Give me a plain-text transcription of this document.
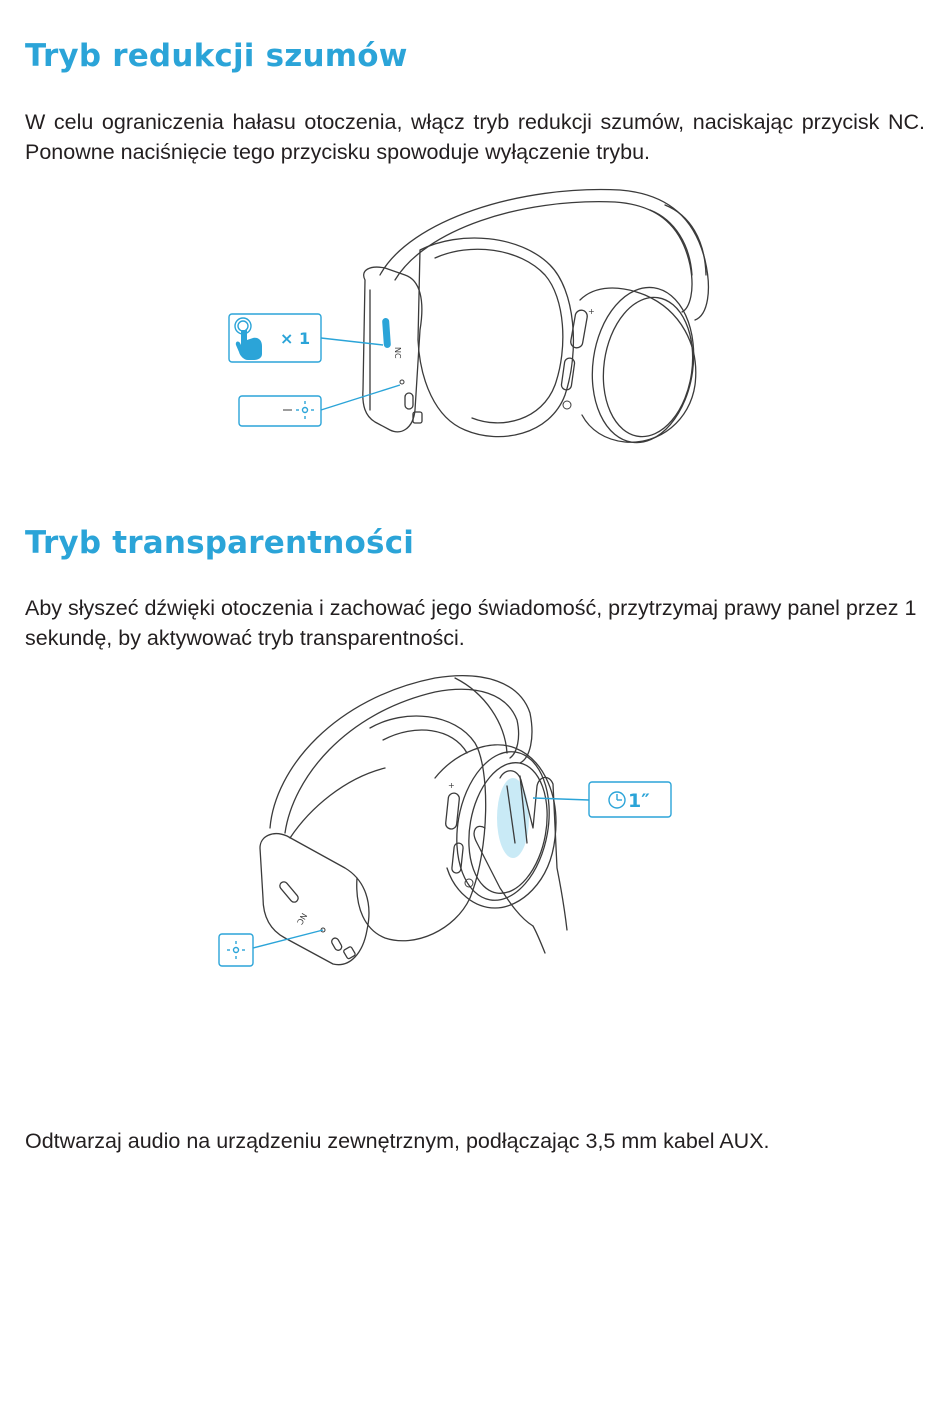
Tryb redukcji szumów

W celu ograniczenia hałasu otoczenia, włącz tryb redukcji szumów, naciskając przycisk NC. Ponowne naciśnięcie tego przycisku spowoduje wyłączenie trybu.

+
NC
× 1
Tryb transparentności

Aby słyszeć dźwięki otoczenia i zachować jego świadomość, przytrzymaj prawy panel przez 1 sekundę, by aktywować tryb transparentności.

+
NC
1″

Odtwarzaj audio na urządzeniu zewnętrznym, podłączając 3,5 mm kabel AUX.
